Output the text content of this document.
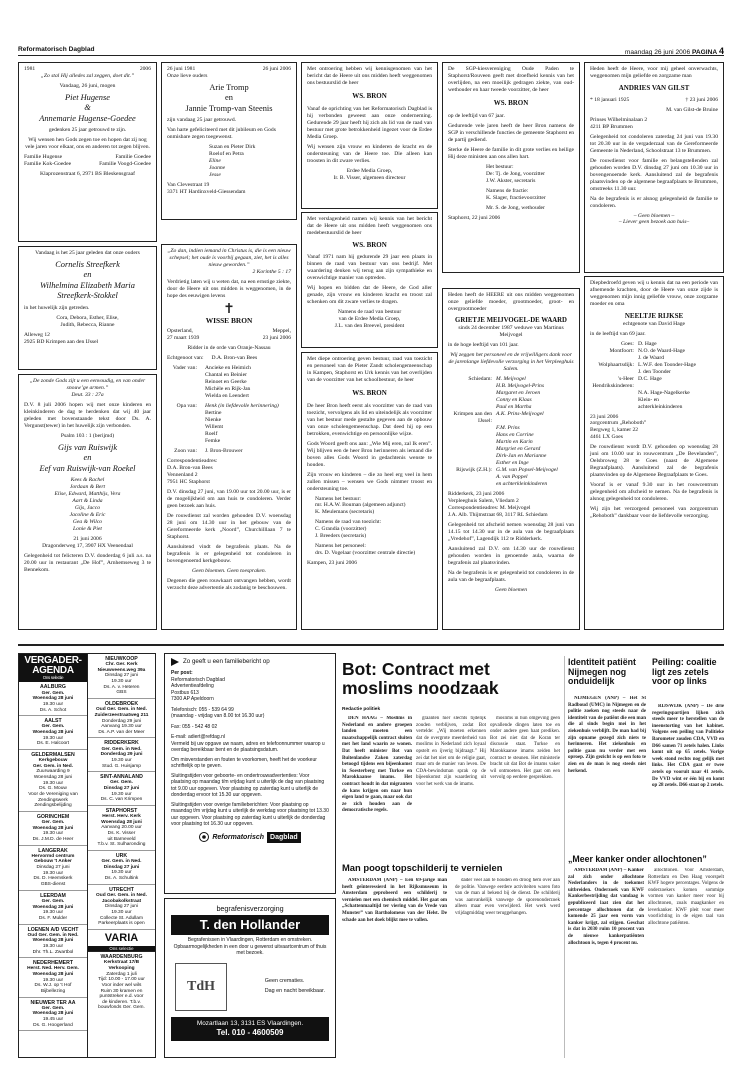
Reformatorisch Dagblad	maandag 26 juni 2006 PAGINA 4
1981	2006
„Zo stal Hij alledes zal zeggen, doet dit.”
Vandaag, 26 juni, mogen
Piet Hugense
&
Annemarie Hugense-Goedee
gedenken 25 jaar getrouwd te zijn.
Wij wensen hen Gods zegen toe en hopen dat zij nog vele jaren voor elkaar, ons en anderen tot zegen blijven.
Familie Hugense	Familie Goedee
Familie Kok-Goedee	Familie Voogd-Goedee
Klaprozenstraat 6, 2971 BS Bleskensgraaf
26 juni 1981	26 juni 2006
Onze lieve ouders
Arie Tromp
en
Jannie Tromp-van Steenis
zijn vandaag 25 jaar getrouwd.
Van harte gefeliciteerd met dit jubileum en Gods onmisbare zegen toegewenst.
Suzan en Pieter Dirk
Roelof en Petra
Eline
Joanne
Jesse
Van Clevestraat 19
3371 HT Hardinxveld-Giessendam
Met ontroering hebben wij kennisgenomen van het bericht dat de Heere uit ons midden heeft weggenomen ons bestuurslid de heer
WS. BRON
Vanaf de oprichting van het Reformatorisch Dagblad is hij verbonden geweest aan onze onderneming. Gedurende 29 jaar heeft hij zich als lid van de raad van bestuur met grote betrokkenheid ingezet voor de Erdee Media Groep.
Wij wensen zijn vrouw en kinderen de kracht en de ondersteuning van de Heere toe. Die alleen kan troosten in dit zware verlies.
Erdee Media Groep,
Ir. B. Visser, algemeen directeur
Met verslagenheid namen wij kennis van het bericht dat de Heere uit ons midden heeft weggenomen ons medebestuurslid de heer
WS. BRON
Vanaf 1971 nam hij gedurende 29 jaar een plaats in binnen de raad van bestuur van ons bedrijf. Met waardering denken wij terug aan zijn sympathieke en ovenwichtige manier van optreden.
Wij hopen en bidden dat de Heere, de God aller genade, zijn vrouw en kinderen kracht en troost zal schenken om dit zware verlies te dragen.
Namens de raad van bestuur
van de Erdee Media Groep,
J.L. van den Breevel, president
De SGP-kiesvereniging Oude Paden te Staphorst/Rouveen geeft met droefheid kennis van het overlijden, na een moeilijk gedragen ziekte, van oud-wethouder en haar tweede voorzitter, de heer
WS. BRON
op de leeftijd van 67 jaar.
Gedurende vele jaren heeft de heer Bron namens de SGP in verschillende functies de gemeente Staphorst en de partij gediend.
Sterke de Heere de familie in dit grote verlies en heilige Hij deze ministen aan ons allen hart.
Het bestuur:
De: Tj. de Jong, voorzitter
J.W. Akster, secretaris
Namens de fractie:
K. Slager, fractievoorzitter
Mr. S. de Jong, wethouder
Staphorst, 22 juni 2006
Heden heeft de Heere, voor mij geheel onverwachts, weggenomen mijn geliefde en zorgzame man
ANDRIES VAN GILST
* 18 januari 1925	† 23 juni 2006
M. van Gilst-de Bruine
Prinses Wilhelminalaan 2
4211 BP Brummen
Gelegenheid tot condoleren zaterdag 24 juni van 19.30 tot 20.30 uur in de vergaderzaal van de Gereformeerde Gemeente in Nederland, Schoolstraat 13 te Brummen.
De rouwdienst voor familie en belangstellenden zal gehouden worden D.V. dinsdag 27 juni om 10.30 uur in bovengenoemde kerk. Aansluitend zal de begrafenis plaatsvinden op de algemene begraafplaats te Brummen, omstreeks 11.30 uur.
Na de begrafenis is er alsnog gelegenheid de familie te condoleren.
– Geen bloemen –
– Liever geen bezoek aan huis–
Vandaag is het 25 jaar geleden dat onze ouders
Cornelis Streefkerk
en
Wilhelmina Elizabeth Maria Streefkerk-Stokkel
in het huwelijk zijn getreden.
Cora, Debora, Esther, Elise,
Judith, Rebecca, Rianne
Alleweg 12
2925 BD Krimpen aan den IJssel
„De zonde Gods zijt u een eenvoudig, en van onder snouw’ge armen.”
Deut. 33 : 27a
D.V. 8 juli 2006 hopen wij met onze kinderen en kleinkinderen de dag te herdenken dat wij 40 jaar geleden met bovenstaande tekst door Ds. A. Vergunst(tewer) in het huwelijk zijn verbonden.
Psalm 103 : 1 (berijmd)
Gijs van Ruiswijk
en
Eef van Ruiswijk-van Roekel
Kees & Rachel
Jordaan & Bert
Elise, Edward, Matthijs, Vera
Aart & Linda
Gijs, Jacco
Jacoline & Eric
Gea & Wilco
Lonie & Piet
21 juni 2006
Dragonderweg 17, 3907 HX Veenendaal
Gelegenheid tot felicteren D.V. donderdag 6 juli a.s. na 20.00 uur in restaurant „De Hof”, Arnhemseweg 3 te Bennekom.
„Zo dan, indien iemand in Christus is, die is een nieuw schepsel; het oude is voorbij gegaan, ziet, het is alles nieuw geworden.”
2 Korinthe 5 : 17
Verdrietig laten wij u weten dat, na een ernstige ziekte, door de Heere uit ons midden is weggenomen, in de hope des eeuwigen levens
WISSE BRON
Opsterland,	Meppel,
27 maart 1939	23 juni 2006
Ridder in de orde van Oranje-Nassau
Echtgenoot van: D.A. Bron-van Bees
Vader van: Ancieke en Heimich
Chantal en Beinier
Reinoet en Geerke
Michèle en Rijk-Jan
Wielda en Leendert
Opa van: Henk (in liefdevolle herinnering)
Bertine
Nienke
Willemt
Roelf
Femke
Zoon van: J. Bron-Brouwer
Correspondentieadres:
D.A. Bron-van Bees
Vennenland 2
7951 HC Staphorst
D.V. dinsdag 27 juni, van 19.00 uur tot 20.00 uur, is er de mogelijkheid om aan huis te condoleren. Verder geen bezoek aan huis.
De rouwdienst zal worden gehouden D.V. woensdag 28 juni om 14.30 uur in het gebouw van de Gereformeerde kerk „Noord”, Churchilllaan 7 te Staphorst.
Aansluitend vindt de begrafenis plaats. Na de begrafenis is er gelegenheid tot condoleren in bovengenoemd kerkgebouw.
Geen bloemen. Geen toespraken.
Degenen die geen rouwkaart ontvangen hebben, wordt verzocht deze advertentie als zodanig te beschouwen.
Met diepe ontroering geven bestuur, raad van toezicht en personeel van de Pieter Zandt scholengemeenschap in Kampen, Staphorst en Urk kennis van het overlijden van de voorzitter van het schoolbestuur, de heer
WS. BRON
De heer Bron heeft eerst als voorzitter van de raad van toezicht, vervolgens als lid en uiteindelijk als voorzitter van het bestuur mede gestalte gegeven aan de opbouw van onze scholengemeenschap. Dat deed hij op een betrokken, evenwichtige en persoonlijke wijze.
Gods Woord geeft ons aan: „Wie Mij eren, zal Ik eren”. Wij blijven een de heer Bron herinneren als iemand die boven alles Gods Woord in gedachtenis wenste te houden.
Zijn vrouw en kinderen – die zo heel erg veel in hem zullen missen – wensen we Gods nimmer troost en ondersteuning toe.
Namens het bestuur:
mr. H.A.W. Bouman (algemeen adjunct)
K. Meulemans (secretaris)
Namens de raad van toezicht:
C. Grandia (voorzitter)
J. Breeders (secretaris)
Namens het personeel:
drs. D. Vogelaar (voorzitter centrale directie)
Kampen, 23 juni 2006
Heden heeft de HEERE uit ons midden weggenomen onze geliefde moeder, grootmoeder, groot- en overgrootmoeder
GRIETJE MEIJVOGEL-DE WAARD
sinds 24 december 1987 weduwe van Martinus Meijvogel
in de hoge leeftijd van 101 jaar.
Wij zeggen het personeel en de vrijwilligers dank voor de jarenlange liefdevolle verzorging in het Verpleeghuis Salem.
Schiedam: M. Meijvogel
H.B. Meijvogel-Prins
Margaret en Jeroen
Conny en Klaas
Paul en Martha
Krimpen aan den IJssel:
A.K. Prins-Meijvogel
F.M. Prins
Hans en Corrine
Martin en Karin
Margriet en Gerard
Dirk-Jan en Marianne
Esther en Inge
Rijswijk (Z.H.): G.M. van Popsel-Meijvogel
A. van Poppel
en achterkleinkinderen
Ridderkerk, 23 juni 2006
Verpleeghuis Salem, Vliedam 2
Correspondentieadres: M. Meijvogel
J.A. Alb. Thijmstraat 68, 3117 RL Schiedam
Gelegenheid tot afscheid nemen woensdag 28 juni van 14.15 tot 14.30 uur in de aula van de begraafplaats „Vredehof”, Lagendijk 112 te Ridderkerk.
Aansluitend zal D.V. om 14.30 uur de rouwdienst gehouden worden in genoemde aula, waarna de begrafenis zal plaatsvinden.
Na de begrafenis is er gelegenheid tot condoleren in de aula van de begraafplaats.
Geen bloemen
Diepbedroefd geven wij u kennis dat na een periode van afnemende krachten, door de Heere van onze zijde is weggenomen mijn innig geliefde vrouw, onze zorgzame moeder en oma
NEELTJE RIJKSE
echtgenote van David Hage
in de leeftijd van 69 jaar.
Goes: D. Hage
Montfoort: N.O. de Waard-Hage
J. de Waard
Wolphaartsdijk: L.W.F. den Toonder-Hage
J. den Toonder
's-Heer Hendrikskinderen:
D.C. Hage
N.A. Hage-Nagelkerke
Klein- en
achterkleinkinderen
23 juni 2006
zorgcentrum „Rehoboth”
Bergweg 1, kamer 22
4461 LX Goes
De rouwdienst wordt D.V. gehouden op woensdag 28 juni om 10.00 uur in rouwcentrum „De Bevelanden”, Oelsbroweg 28 te Goes (naast de Algemene Begraafplaats). Aansluitend zal de begrafenis plaatsvinden op de Algemene Begraafplaats te Goes.
Vooraf is er vanaf 9.30 uur in het rouwcentrum gelegenheid om afscheid te nemen. Na de begrafenis is alsnog gelegenheid tot condoleren.
Wij zijn het verzorgend personeel van zorgcentrum „Rehoboth” dankbaar voor de liefdevolle verzorging.
VERGADER-
AGENDA
Ons selectie
AALBURG
Ger. Gem.
Woensdag 28 juni
19.30 uur
Ds. A. Schot
AALST
Ger. Gem.
Woensdag 28 juni
19.30 uur
Ds. E. Halcoort
GELDERMALSEN
Kerkgebouw
Ger. Gem. in Ned.
Zuurwaarding 9
Woensdag 28 juni
19.30 uur
Ds. G. Mouw
Voor de Vereniging van
Zendingswerk
Zendingsbelijding
GORINCHEM
Ger. Gem.
Woensdag 28 juni
19.30 uur
Ds. J.M.D. de Heer
LANGERAK
Hervormd centrum
Gebouw 't Anker
Dinsdag 27 juni
19.30 uur
Ds. D. Heemskerk
GBS-dienst
LEERDAM
Ger. Gem.
Woensdag 28 juni
19.30 uur
Ds. F. Mulder
LOENEN A/D VECHT
Oud Ger. Gem. in Ned.
Woensdag 28 juni
19.30 uur
Dhr. Th.L. Zwartbol
NEDERHEMERT
Herst. Ned. Herv. Gem.
Woensdag 28 juni
19.30 uur
Ds. W.J. op 't Hof
Bijbellezing
NIEUWER TER AA
Ger. Gem.
Woensdag 28 juni
19.45 uur
Ds. G. Hoogerland
NIEUWKOOP
Chr. Ger. Kerk
Nieuwveens.weg 39a
Dinsdag 27 juni
19.30 uur
Ds. A. v. Heteren
GBS
OLDEBROEK
Oud Ger. Gem. in Ned.
Zuiderzeestraatweg 211
Donderdag 29 juni
Aanvang 19.30 uur
Ds. A.P. van der Meer
RIDDERKERK
Ger. Gem. in Ned.
Donderdag 29 juni
19.30 uur
Stud. G. Huisjamp
SINT-ANNALAND
Ger. Gem.
Dinsdag 27 juni
19.30 uur
Ds. C. van Krimpen
STAPHORST
Herst. Herv. Kerk
Woensdag 28 juni
Aanvang 20.00 uur
Ds. K. Visser
uit Barneveld
T.b.v. St. Sulharonding
URK
Ger. Gem. in Ned.
Dinsdag 27 juni
19.30 uur
Ds. A. Schultink
UTRECHT
Oud Ger. Gem. in Ned.
Jacobakolkstraat
Dinsdag 27 juni
19.30 uur
Collecte St. Adullam
Parkeerplaats is open
VARIA
Ons selectie
WAARDENBURG
Kerkstraat 17/B
Verkooping
Zaterdag 1 juli
Tijd: 10.00 - 17.00 uur
Voor inder wel wils
Ruim 30 kramen en
puntstreker e.d. voor
de kinderen. T.b.v.
bouwfonds Ger. Gem.
Zo geeft u een familiebericht op
Per post:
Reformatorisch Dagblad
Advertentieafdeling
Postbus 613
7300 AP Apeldoorn
Telefonisch: 055 - 539 64 99
(maandag - vrijdag van 8.00 tot 16.30 uur)
Fax: 055 - 542 48 02
E-mail: adiert@refdag.nl

Vermeld bij uw opgave uw naam, adres en telefoonnummer waarop u overdag bereikbaar bent en de plaatsingsdatum.

Om misverstanden en fouten te voorkomen, heeft het de voorkeur schriftelijk op te geven.

Sluitingstijden voor geboorte- en ondertrouwadvertenties: Voor plaatsing op maandag t/m vrijdag kunt u uiterlijk de dag van plaatsing tot 9.00 uur opgeven. Voor plaatsing op zaterdag kunt u uiterlijk de donderdag ervoor tot 15.30 uur opgeven.

Sluitingstijden voor overige familieberichten: Voor plaatsing op maandag t/m vrijdag kunt u uiterlijk de werkdag voor plaatsing tot 13.30 uur opgeven. Voor plaatsing op zaterdag kunt u uiterlijk de donderdag voor plaatsing tot 16.30 uur opgeven.

Reformatorisch Dagblad
begrafenisverzorging
T. den Hollander
Begrafenissen in Vlaardingen, Rotterdam en omstreken. Opbaarmogelijkheden in een door u gewenst uitvaartcentrum of thuis met bezoek.
TdH	Geen crematies.
Dag en nacht bereikbaar.
Mozartlaan 13, 3131 ES Vlaardingen.
Tel. 010 - 4600509
Bot: Contract met moslims noodzaak
Redactie politiek

DEN HAAG – Moslims in Nederland en andere groepen landen moeten een maatschappelijk contract sluiten met het land waarin ze wonen. Dat heeft minister Bot van Buitenlandse Zaken zaterdag betoogd tijdens een bijeenkomst in Soesterberg met Turkse en Marokkaanse imams. Het contract houdt in dat migranten de kans krijgen om naar hun eigen land te gaan, maar ook dat ze zich houden aan de democratische regels.

graanten hier slechts tijdelijk zouden verblijven, zodat Bot vertelde: „Wij moeten erkennen dat de overgrote meerderheid van moslims in Nederland zich loyaal opstelt en ijverig bijdraagt.” Hij zei dat het niet om de religie gaat, maar om de manier van leven. De CDA-bewindsman sprak op de bijeenkomst zijn waardering uit voor het werk van de imams.

moslims in hun omgeving geen opvallende dingen laten toe en onder andere geen haat prediken. Bot zei niet dat de Koran ter discussie staat. Turkse en Marokkaanse imams zeiden het contract te steunen. Het ministerie bracht uit dat Bot de imams vaker wil ontmoeten. Het gaat om een vervolg op eerdere gesprekken.

Man poogt topschilderij te vernielen

AMSTERDAM (ANP) – Een 69-jarige man heeft geïnteressierd in het Rijksmuseum in Amsterdam geprobeerd een schilderij te vernielen met een chemisch middel. Het gaat om „Schattenmaaltijd ter viering van de Vrede van Munster” van Bartholomeus van der Helst. De schade aan het doek blijkt mee te vallen.

dader veel aan te houden en droog hem over aan de politie. Vanwege eerdere activiteiten waren foto van de man al bekend bij de dienst. De schilderij was aanvankelijk vanwege de sporenonderzoek alleen maar even verwijderd. Het werk werd vrijdagmiddag weer teruggehangen.

Identiteit patiënt Nijmegen nog onduidelijk

NIJMEGEN (ANP) – Het St Radboud (UMC) in Nijmegen en de politie zoeken nog steeds naar de identiteit van de patiënt die een man die al sinds begin mei in het ziekenhuis verblijft. De man had bij zijn opname gezegd zich niets te herinneren. Het ziekenhuis en politie gaan nu verder met een oproep. Zijn gezicht is op een foto te zien en de man is nog steeds niet herkend.

Peiling: coalitie ligt zes zetels voor op links

RIJSWIJK (ANP) – De drie regeringspartijen lijken zich steeds meer te herstellen van de ineenstorting van het kabinet. Volgens een peiling van Politieke Barometer zouden CDA, VVD en D66 samen 71 zetels halen. Links komt uit op 65 zetels. Vorige week stond rechts nog gelijk met links. Het CDA gaat er twee zetels op vooruit naar 41 zetels. De VVD wint er één bij en komt op 28 zetels. D66 staat op 2 zetels.

„Meer kanker onder allochtonen”

AMSTERDAM (ANP) – Kanker zal zich onder allochtone Nederlanders in de toekomst uitbreiden. Onderzoek van KWF Kankerbestrijding dat vandaag is gepubliceerd laat zien dat het percentage allochtonen dat de komende 25 jaar een vorm van kanker krijgt, zal stijgen. Geschat is dat in 2030 ruim 10 procent van de nieuwe kankerpatiënten allochtoon is, tegen 4 procent nu.

allochtonen. Voor Amsterdam, Rotterdam en Den Haag voorspelt KWF hogere percentages. Volgens de onderzoekers komen sommige vormen van kanker meer voor bij allochtonen, zoals maagkanker en leverkanker. KWF pleit voor meer voorlichting in de eigen taal van allochtone patiënten.
